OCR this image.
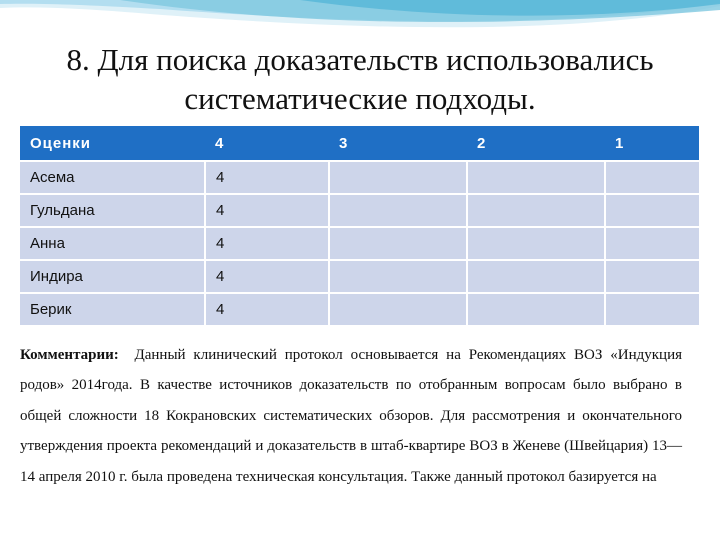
8. Для поиска доказательств использовались систематические подходы.
Оценки	4	3	2	1
Асема	4			
Гульдана	4			
Анна	4			
Индира	4			
Берик	4			
Комментарии: Данный клинический протокол основывается на Рекомендациях ВОЗ «Индукция родов» 2014года. В качестве источников доказательств по отобранным вопросам было выбрано в общей сложности 18 Кокрановских систематических обзоров. Для рассмотрения и окончательного утверждения проекта рекомендаций и доказательств в штаб-квартире ВОЗ в Женеве (Швейцария) 13—14 апреля 2010 г. была проведена техническая консультация. Также данный протокол базируется на
